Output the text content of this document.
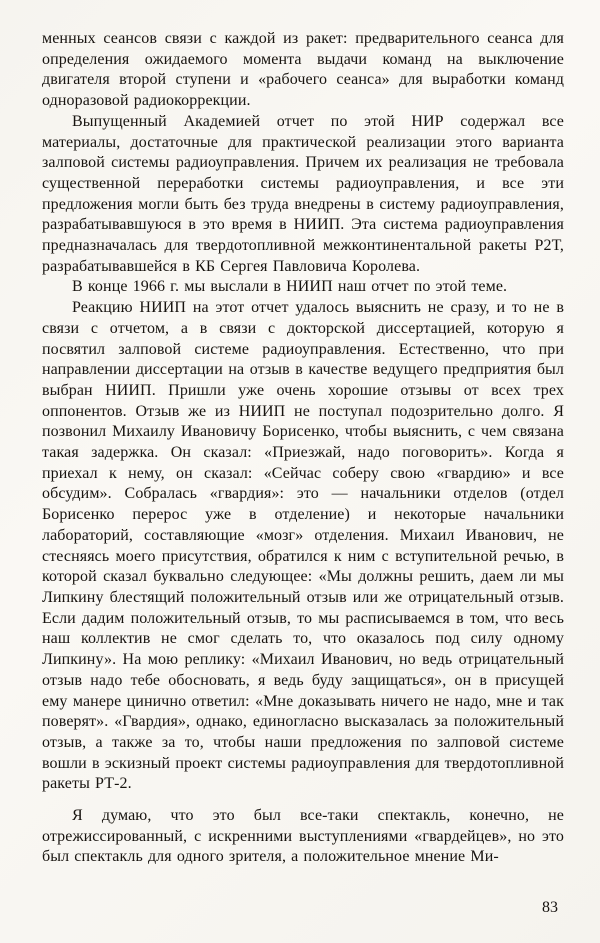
менных сеансов связи с каждой из ракет: предварительного сеанса для определения ожидаемого момента выдачи команд на выключение двигателя второй ступени и «рабочего сеанса» для выработки команд одноразовой радиокоррекции.

Выпущенный Академией отчет по этой НИР содержал все материалы, достаточные для практической реализации этого варианта залповой системы радиоуправления. Причем их реализация не требовала существенной переработки системы радиоуправления, и все эти предложения могли быть без труда внедрены в систему радиоуправления, разрабатывавшуюся в это время в НИИП. Эта система радиоуправления предназначалась для твердотопливной межконтинентальной ракеты Р2Т, разрабатывавшейся в КБ Сергея Павловича Королева.

В конце 1966 г. мы выслали в НИИП наш отчет по этой теме.

Реакцию НИИП на этот отчет удалось выяснить не сразу, и то не в связи с отчетом, а в связи с докторской диссертацией, которую я посвятил залповой системе радиоуправления. Естественно, что при направлении диссертации на отзыв в качестве ведущего предприятия был выбран НИИП. Пришли уже очень хорошие отзывы от всех трех оппонентов. Отзыв же из НИИП не поступал подозрительно долго. Я позвонил Михаилу Ивановичу Борисенко, чтобы выяснить, с чем связана такая задержка. Он сказал: «Приезжай, надо поговорить». Когда я приехал к нему, он сказал: «Сейчас соберу свою «гвардию» и все обсудим». Собралась «гвардия»: это — начальники отделов (отдел Борисенко перерос уже в отделение) и некоторые начальники лабораторий, составляющие «мозг» отделения. Михаил Иванович, не стесняясь моего присутствия, обратился к ним с вступительной речью, в которой сказал буквально следующее: «Мы должны решить, даем ли мы Липкину блестящий положительный отзыв или же отрицательный отзыв. Если дадим положительный отзыв, то мы расписываемся в том, что весь наш коллектив не смог сделать то, что оказалось под силу одному Липкину». На мою реплику: «Михаил Иванович, но ведь отрицательный отзыв надо тебе обосновать, я ведь буду защищаться», он в присущей ему манере цинично ответил: «Мне доказывать ничего не надо, мне и так поверят». «Гвардия», однако, единогласно высказалась за положительный отзыв, а также за то, чтобы наши предложения по залповой системе вошли в эскизный проект системы радиоуправления для твердотопливной ракеты РТ-2.

Я думаю, что это был все-таки спектакль, конечно, не отрежиссированный, с искренними выступлениями «гвардейцев», но это был спектакль для одного зрителя, а положительное мнение Ми-

83
